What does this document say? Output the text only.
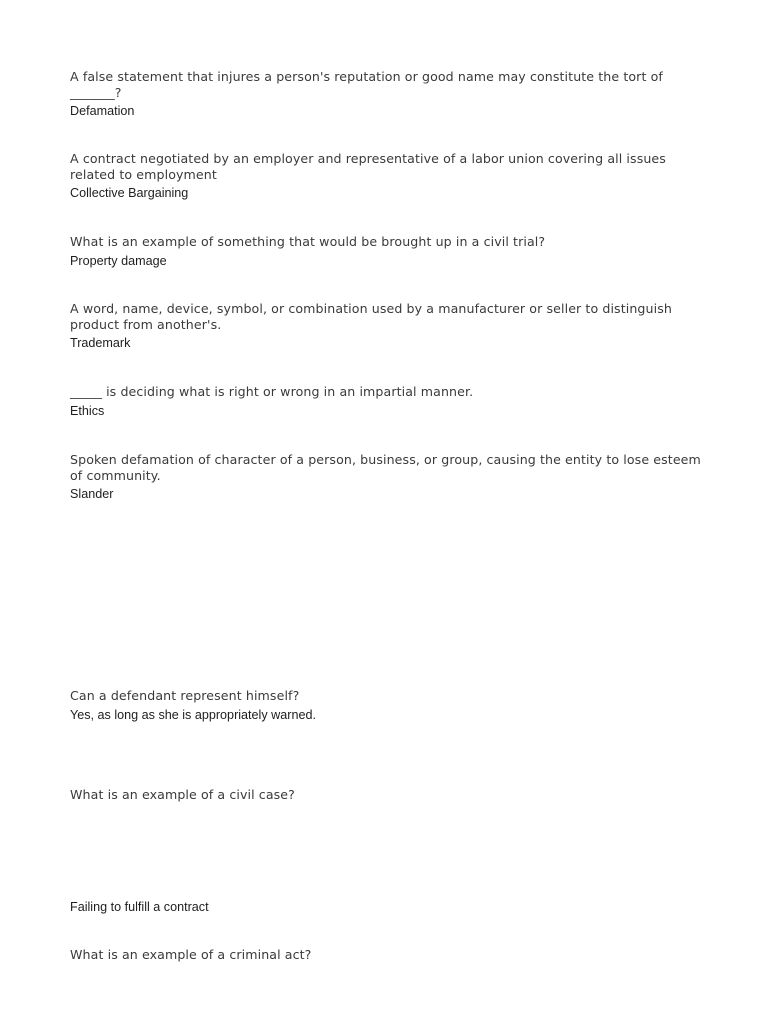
A false statement that injures a person's reputation or good name may constitute the tort of _______?

Defamation

A contract negotiated by an employer and representative of a labor union covering all issues related to employment

Collective Bargaining

What is an example of something that would be brought up in a civil trial?

Property damage

A word, name, device, symbol, or combination used by a manufacturer or seller to distinguish product from another's.

Trademark

_____ is deciding what is right or wrong in an impartial manner.

Ethics

Spoken defamation of character of a person, business, or group, causing the entity to lose esteem of community.

Slander

Can a defendant represent himself?

Yes, as long as she is appropriately warned.

What is an example of a civil case?

Failing to fulfill a contract

What is an example of a criminal act?
